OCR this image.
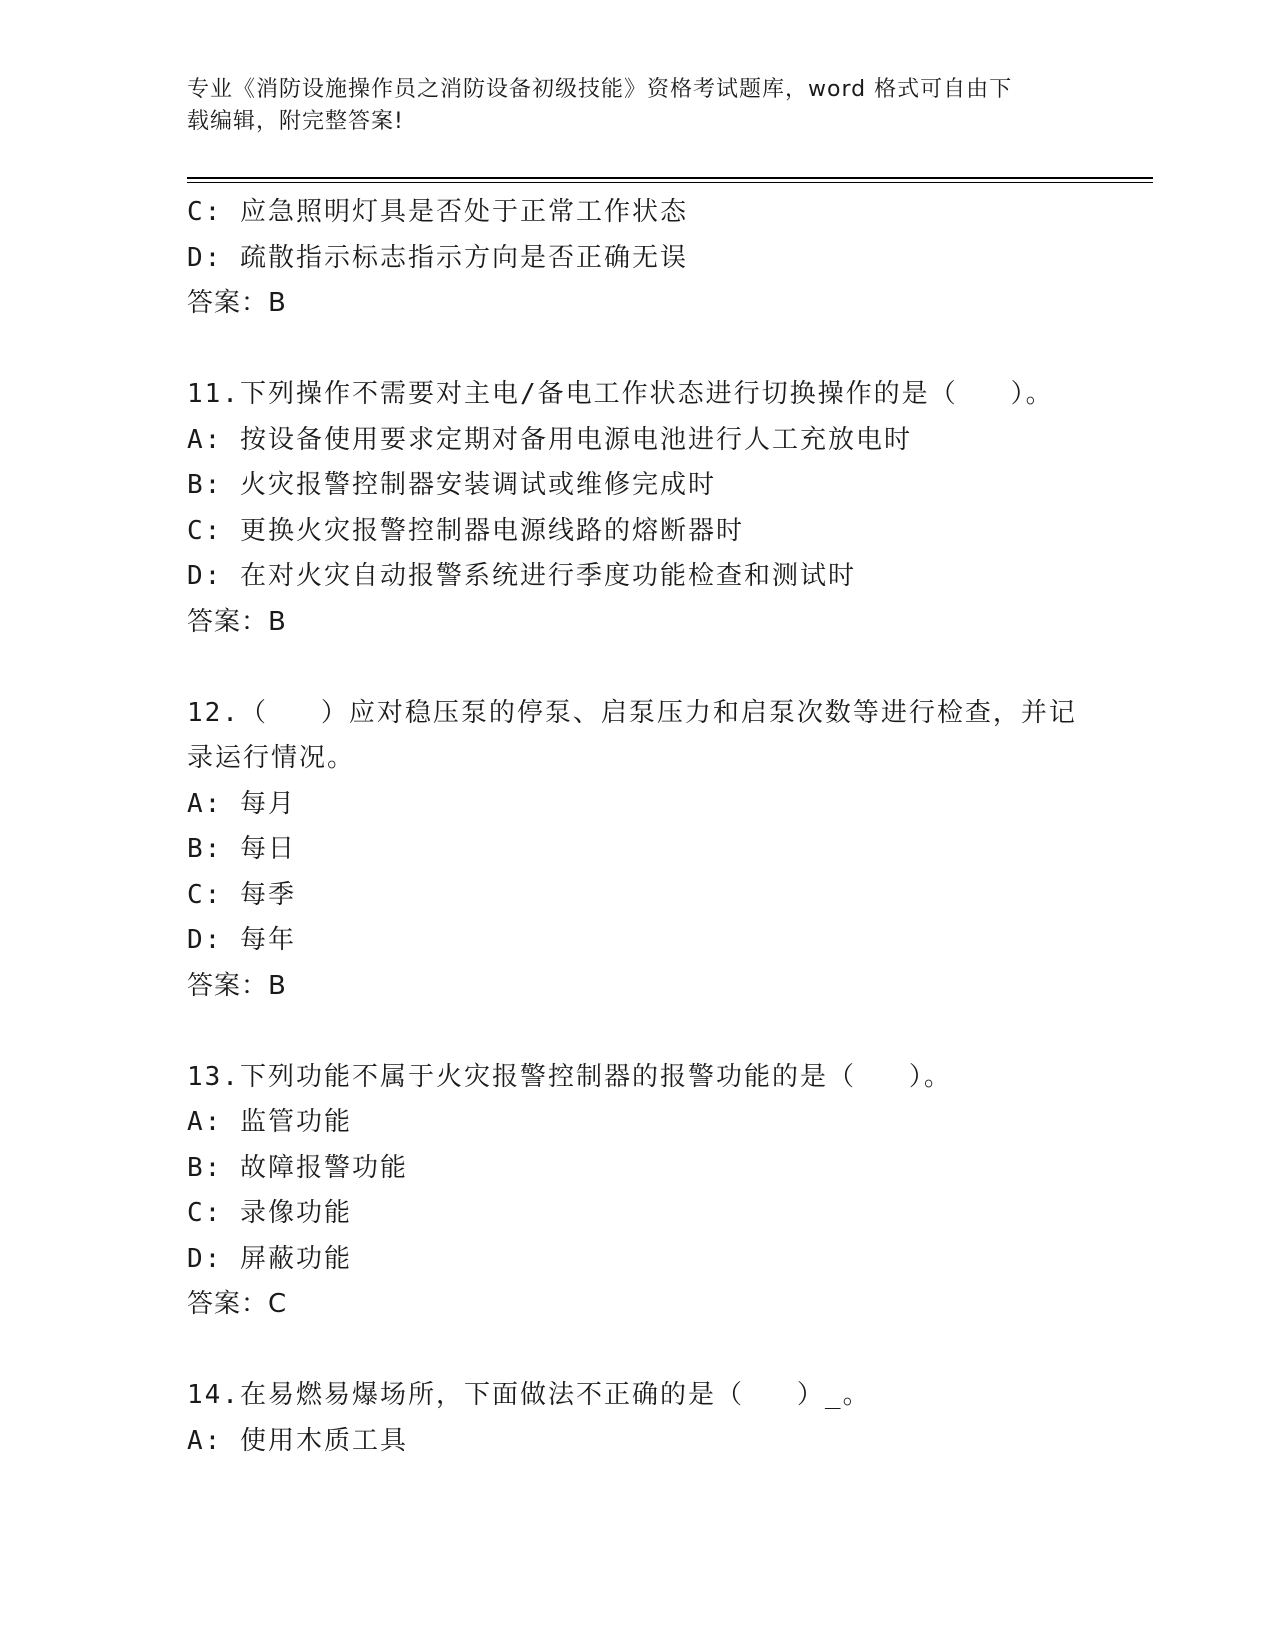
专业《消防设施操作员之消防设备初级技能》资格考试题库，word 格式可自由下
载编辑，附完整答案!

C: 应急照明灯具是否处于正常工作状态

D: 疏散指示标志指示方向是否正确无误

答案：B

11.下列操作不需要对主电/备电工作状态进行切换操作的是（   ）。

A: 按设备使用要求定期对备用电源电池进行人工充放电时

B: 火灾报警控制器安装调试或维修完成时

C: 更换火灾报警控制器电源线路的熔断器时

D: 在对火灾自动报警系统进行季度功能检查和测试时

答案：B

12.（   ）应对稳压泵的停泵、启泵压力和启泵次数等进行检查，并记

录运行情况。

A: 每月

B: 每日

C: 每季

D: 每年

答案：B

13.下列功能不属于火灾报警控制器的报警功能的是（   ）。

A: 监管功能

B: 故障报警功能

C: 录像功能

D: 屏蔽功能

答案：C

14.在易燃易爆场所，下面做法不正确的是（   ）_。

A: 使用木质工具
